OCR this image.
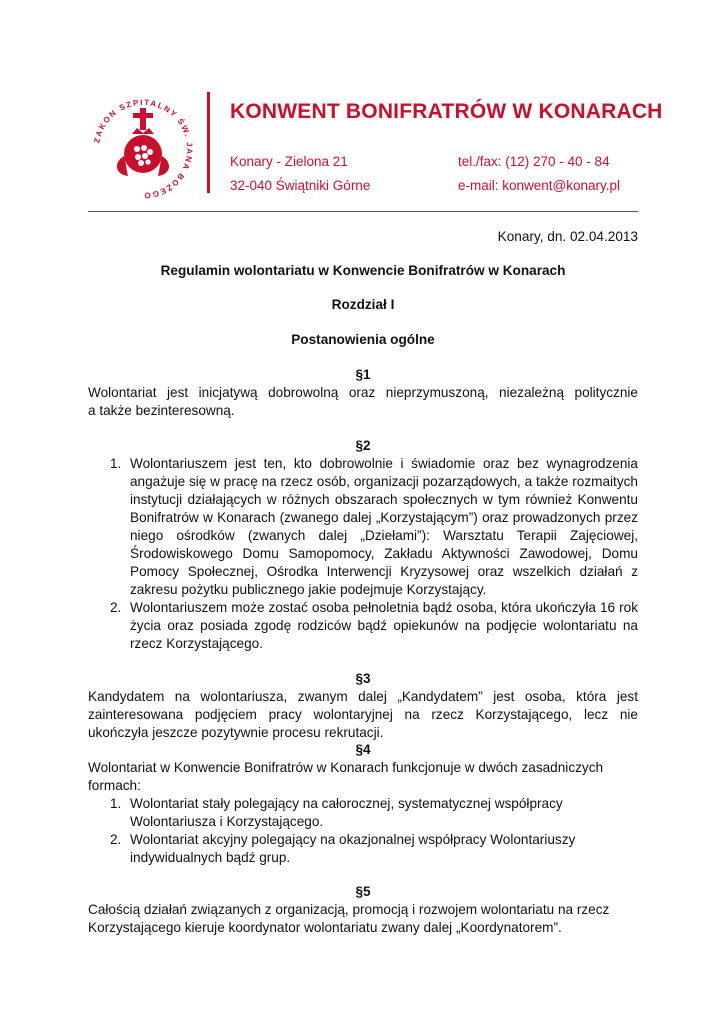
ZAKON SZPITALNY ŚW. JANA BOŻEGO
KONWENT BONIFRATRÓW W KONARACH
Konary - Zielona 21
32-040 Świątniki Górne
tel./fax: (12) 270 - 40 - 84
e-mail: konwent@konary.pl
Konary, dn. 02.04.2013
Regulamin wolontariatu w Konwencie Bonifratrów w Konarach
Rozdział I
Postanowienia ogólne
§1
Wolontariat jest inicjatywą dobrowolną oraz nieprzymuszoną, niezależną politycznie
a także bezinteresowną.
§2
1. Wolontariuszem jest ten, kto dobrowolnie i świadomie oraz bez wynagrodzenia angażuje się w pracę na rzecz osób, organizacji pozarządowych, a także rozmaitych instytucji działających w różnych obszarach społecznych w tym również Konwentu Bonifratrów w Konarach (zwanego dalej „Korzystającym”) oraz prowadzonych przez niego ośrodków (zwanych dalej „Dziełami”): Warsztatu Terapii Zajęciowej, Środowiskowego Domu Samopomocy, Zakładu Aktywności Zawodowej, Domu Pomocy Społecznej, Ośrodka Interwencji Kryzysowej oraz wszelkich działań z zakresu pożytku publicznego jakie podejmuje Korzystający.
2. Wolontariuszem może zostać osoba pełnoletnia bądź osoba, która ukończyła 16 rok życia oraz posiada zgodę rodziców bądź opiekunów na podjęcie wolontariatu na rzecz Korzystającego.
§3
Kandydatem na wolontariusza, zwanym dalej „Kandydatem” jest osoba, która jest zainteresowana podjęciem pracy wolontaryjnej na rzecz Korzystającego, lecz nie ukończyła jeszcze pozytywnie procesu rekrutacji.
§4
Wolontariat w Konwencie Bonifratrów w Konarach funkcjonuje w dwóch zasadniczych
formach:
1. Wolontariat stały polegający na całorocznej, systematycznej współpracy
Wolontariusza i Korzystającego.
2. Wolontariat akcyjny polegający na okazjonalnej współpracy Wolontariuszy
indywidualnych bądź grup.
§5
Całością działań związanych z organizacją, promocją i rozwojem wolontariatu na rzecz
Korzystającego kieruje koordynator wolontariatu zwany dalej „Koordynatorem”.
